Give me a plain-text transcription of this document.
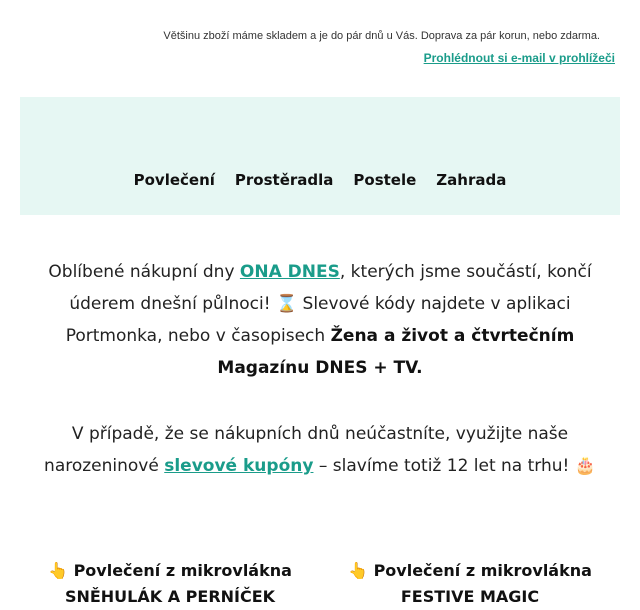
Většinu zboží máme skladem a je do pár dnů u Vás. Doprava za pár korun, nebo zdarma.
Prohlédnout si e-mail v prohlížeči
Povlečení Prostěradla Postele Zahrada
Oblíbené nákupní dny ONA DNES, kterých jsme součástí, končí úderem dnešní půlnoci! ⌛ Slevové kódy najdete v aplikaci Portmonka, nebo v časopisech Žena a život a čtvrtečním Magazínu DNES + TV.
V případě, že se nákupních dnů neúčastníte, využijte naše narozeninové slevové kupóny – slavíme totiž 12 let na trhu! 🎂
👆 Povlečení z mikrovlákna
SNĚHULÁK A PERNÍČEK
👆 Povlečení z mikrovlákna
FESTIVE MAGIC
